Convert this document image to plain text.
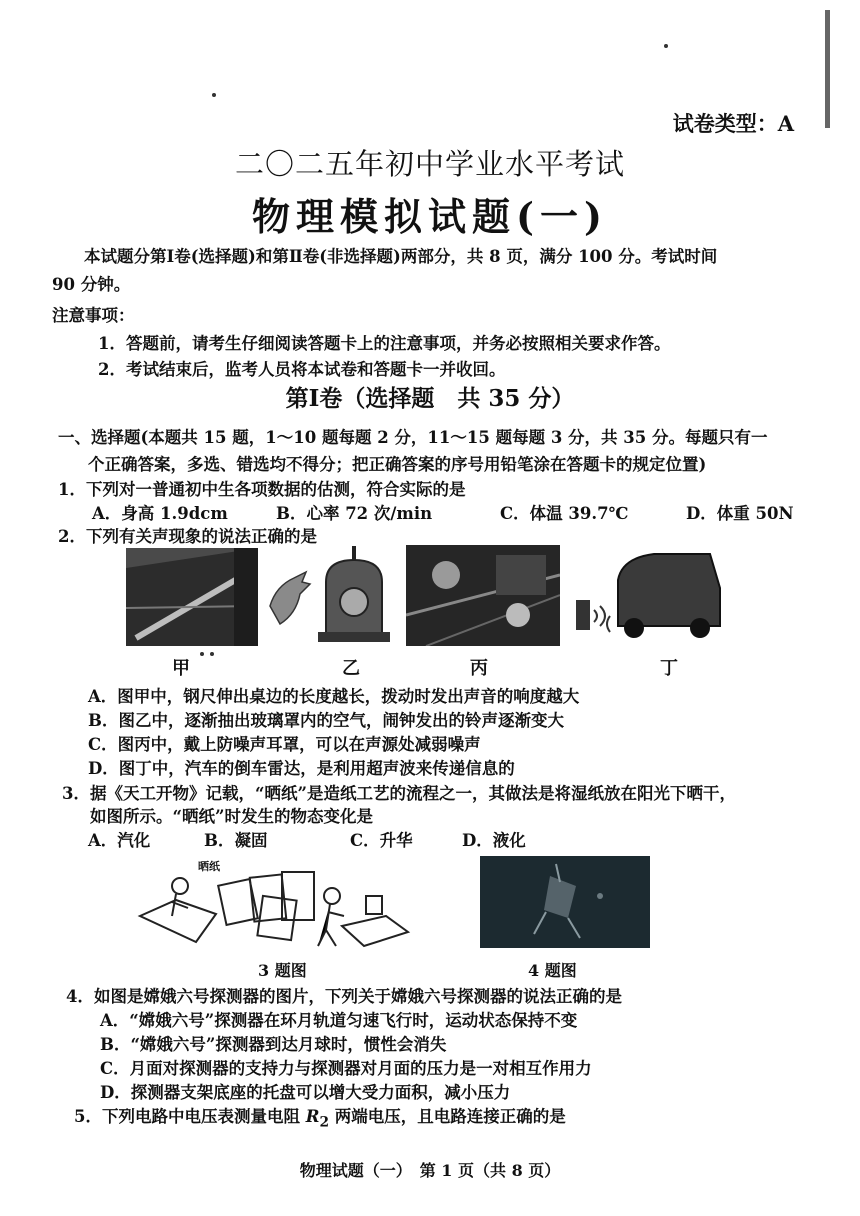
试卷类型：A
二〇二五年初中学业水平考试
物理模拟试题(一)
本试题分第Ⅰ卷(选择题)和第Ⅱ卷(非选择题)两部分，共 8 页，满分 100 分。考试时间
90 分钟。
注意事项：
1．答题前，请考生仔细阅读答题卡上的注意事项，并务必按照相关要求作答。
2．考试结束后，监考人员将本试卷和答题卡一并收回。
第Ⅰ卷（选择题　共 35 分）
一、选择题(本题共 15 题，1～10 题每题 2 分，11～15 题每题 3 分，共 35 分。每题只有一
个正确答案，多选、错选均不得分；把正确答案的序号用铅笔涂在答题卡的规定位置)
1．下列对一普通初中生各项数据的估测，符合实际的是
A．身高 1.9dcm	B．心率 72 次/min	C．体温 39.7℃	D．体重 50N
2．下列有关声现象的说法正确的是
甲	乙	丙	丁
A．图甲中，钢尺伸出桌边的长度越长，拨动时发出声音的响度越大
B．图乙中，逐渐抽出玻璃罩内的空气，闹钟发出的铃声逐渐变大
C．图丙中，戴上防噪声耳罩，可以在声源处减弱噪声
D．图丁中，汽车的倒车雷达，是利用超声波来传递信息的
3．据《天工开物》记载，“晒纸”是造纸工艺的流程之一，其做法是将湿纸放在阳光下晒干，
如图所示。“晒纸”时发生的物态变化是
A．汽化	B．凝固	C．升华	D．液化
晒纸
3 题图	4 题图
4．如图是嫦娥六号探测器的图片，下列关于嫦娥六号探测器的说法正确的是
A．“嫦娥六号”探测器在环月轨道匀速飞行时，运动状态保持不变
B．“嫦娥六号”探测器到达月球时，惯性会消失
C．月面对探测器的支持力与探测器对月面的压力是一对相互作用力
D．探测器支架底座的托盘可以增大受力面积，减小压力
5．下列电路中电压表测量电阻 $R_2$ 两端电压，且电路连接正确的是
物理试题（一）　第 1 页（共 8 页）
